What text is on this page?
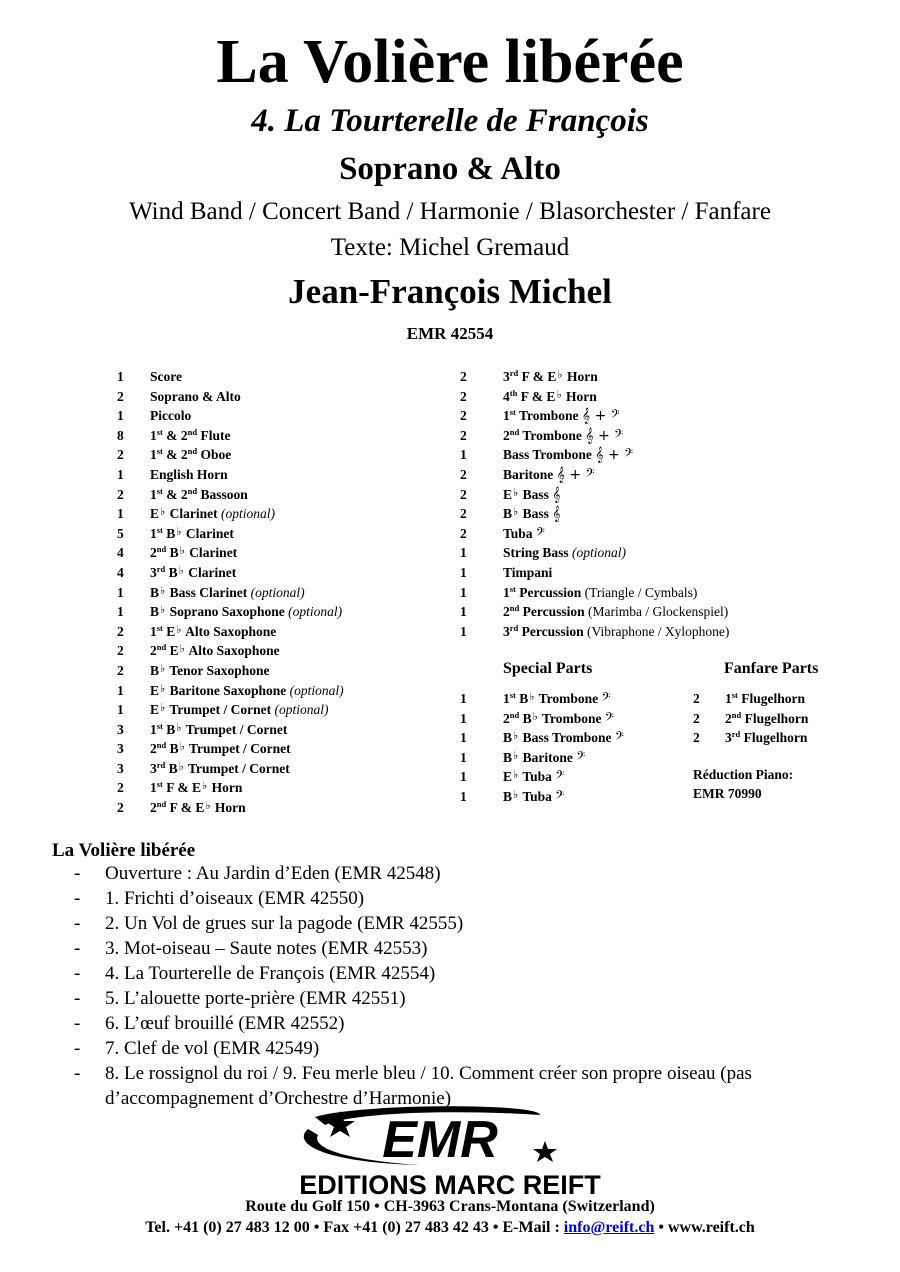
La Volière libérée
4. La Tourterelle de François
Soprano & Alto
Wind Band / Concert Band / Harmonie / Blasorchester / Fanfare
Texte: Michel Gremaud
Jean-François Michel
EMR 42554
1 Score
2 Soprano & Alto
1 Piccolo
8 1st & 2nd Flute
2 1st & 2nd Oboe
1 English Horn
2 1st & 2nd Bassoon
1 E♭ Clarinet (optional)
5 1st B♭ Clarinet
4 2nd B♭ Clarinet
4 3rd B♭ Clarinet
1 B♭ Bass Clarinet (optional)
1 B♭ Soprano Saxophone (optional)
2 1st E♭ Alto Saxophone
2 2nd E♭ Alto Saxophone
2 B♭ Tenor Saxophone
1 E♭ Baritone Saxophone (optional)
1 E♭ Trumpet / Cornet (optional)
3 1st B♭ Trumpet / Cornet
3 2nd B♭ Trumpet / Cornet
3 3rd B♭ Trumpet / Cornet
2 1st F & E♭ Horn
2 2nd F & E♭ Horn
2	3rd F & E♭ Horn
2	4th F & E♭ Horn
2	1st Trombone 𝄞 + 𝄢
2	2nd Trombone 𝄞 + 𝄢
1	Bass Trombone 𝄞 + 𝄢
2	Baritone 𝄞 + 𝄢
2	E♭ Bass 𝄞
2	B♭ Bass 𝄞
2	Tuba 𝄢
1	String Bass (optional)
1	Timpani
1	1st Percussion (Triangle / Cymbals)
1	2nd Percussion (Marimba / Glockenspiel)
1	3rd Percussion (Vibraphone / Xylophone)
Special Parts
1	1st B♭ Trombone 𝄢
1	2nd B♭ Trombone 𝄢
1	B♭ Bass Trombone 𝄢
1	B♭ Baritone 𝄢
1	E♭ Tuba 𝄢
1	B♭ Tuba 𝄢
Fanfare Parts
2 1st Flugelhorn
2 2nd Flugelhorn
2 3rd Flugelhorn
Réduction Piano:
EMR 70990
La Volière libérée
- Ouverture : Au Jardin d’Eden (EMR 42548)
- 1. Frichti d’oiseaux (EMR 42550)
- 2. Un Vol de grues sur la pagode (EMR 42555)
- 3. Mot-oiseau – Saute notes (EMR 42553)
- 4. La Tourterelle de François (EMR 42554)
- 5. L’alouette porte-prière (EMR 42551)
- 6. L’œuf brouillé (EMR 42552)
- 7. Clef de vol (EMR 42549)
- 8. Le rossignol du roi / 9. Feu merle bleu / 10. Comment créer son propre oiseau (pas d’accompagnement d’Orchestre d’Harmonie)
EMR
EDITIONS MARC REIFT
Route du Golf 150 • CH-3963 Crans-Montana (Switzerland)
Tel. +41 (0) 27 483 12 00 • Fax +41 (0) 27 483 42 43 • E-Mail : info@reift.ch • www.reift.ch
